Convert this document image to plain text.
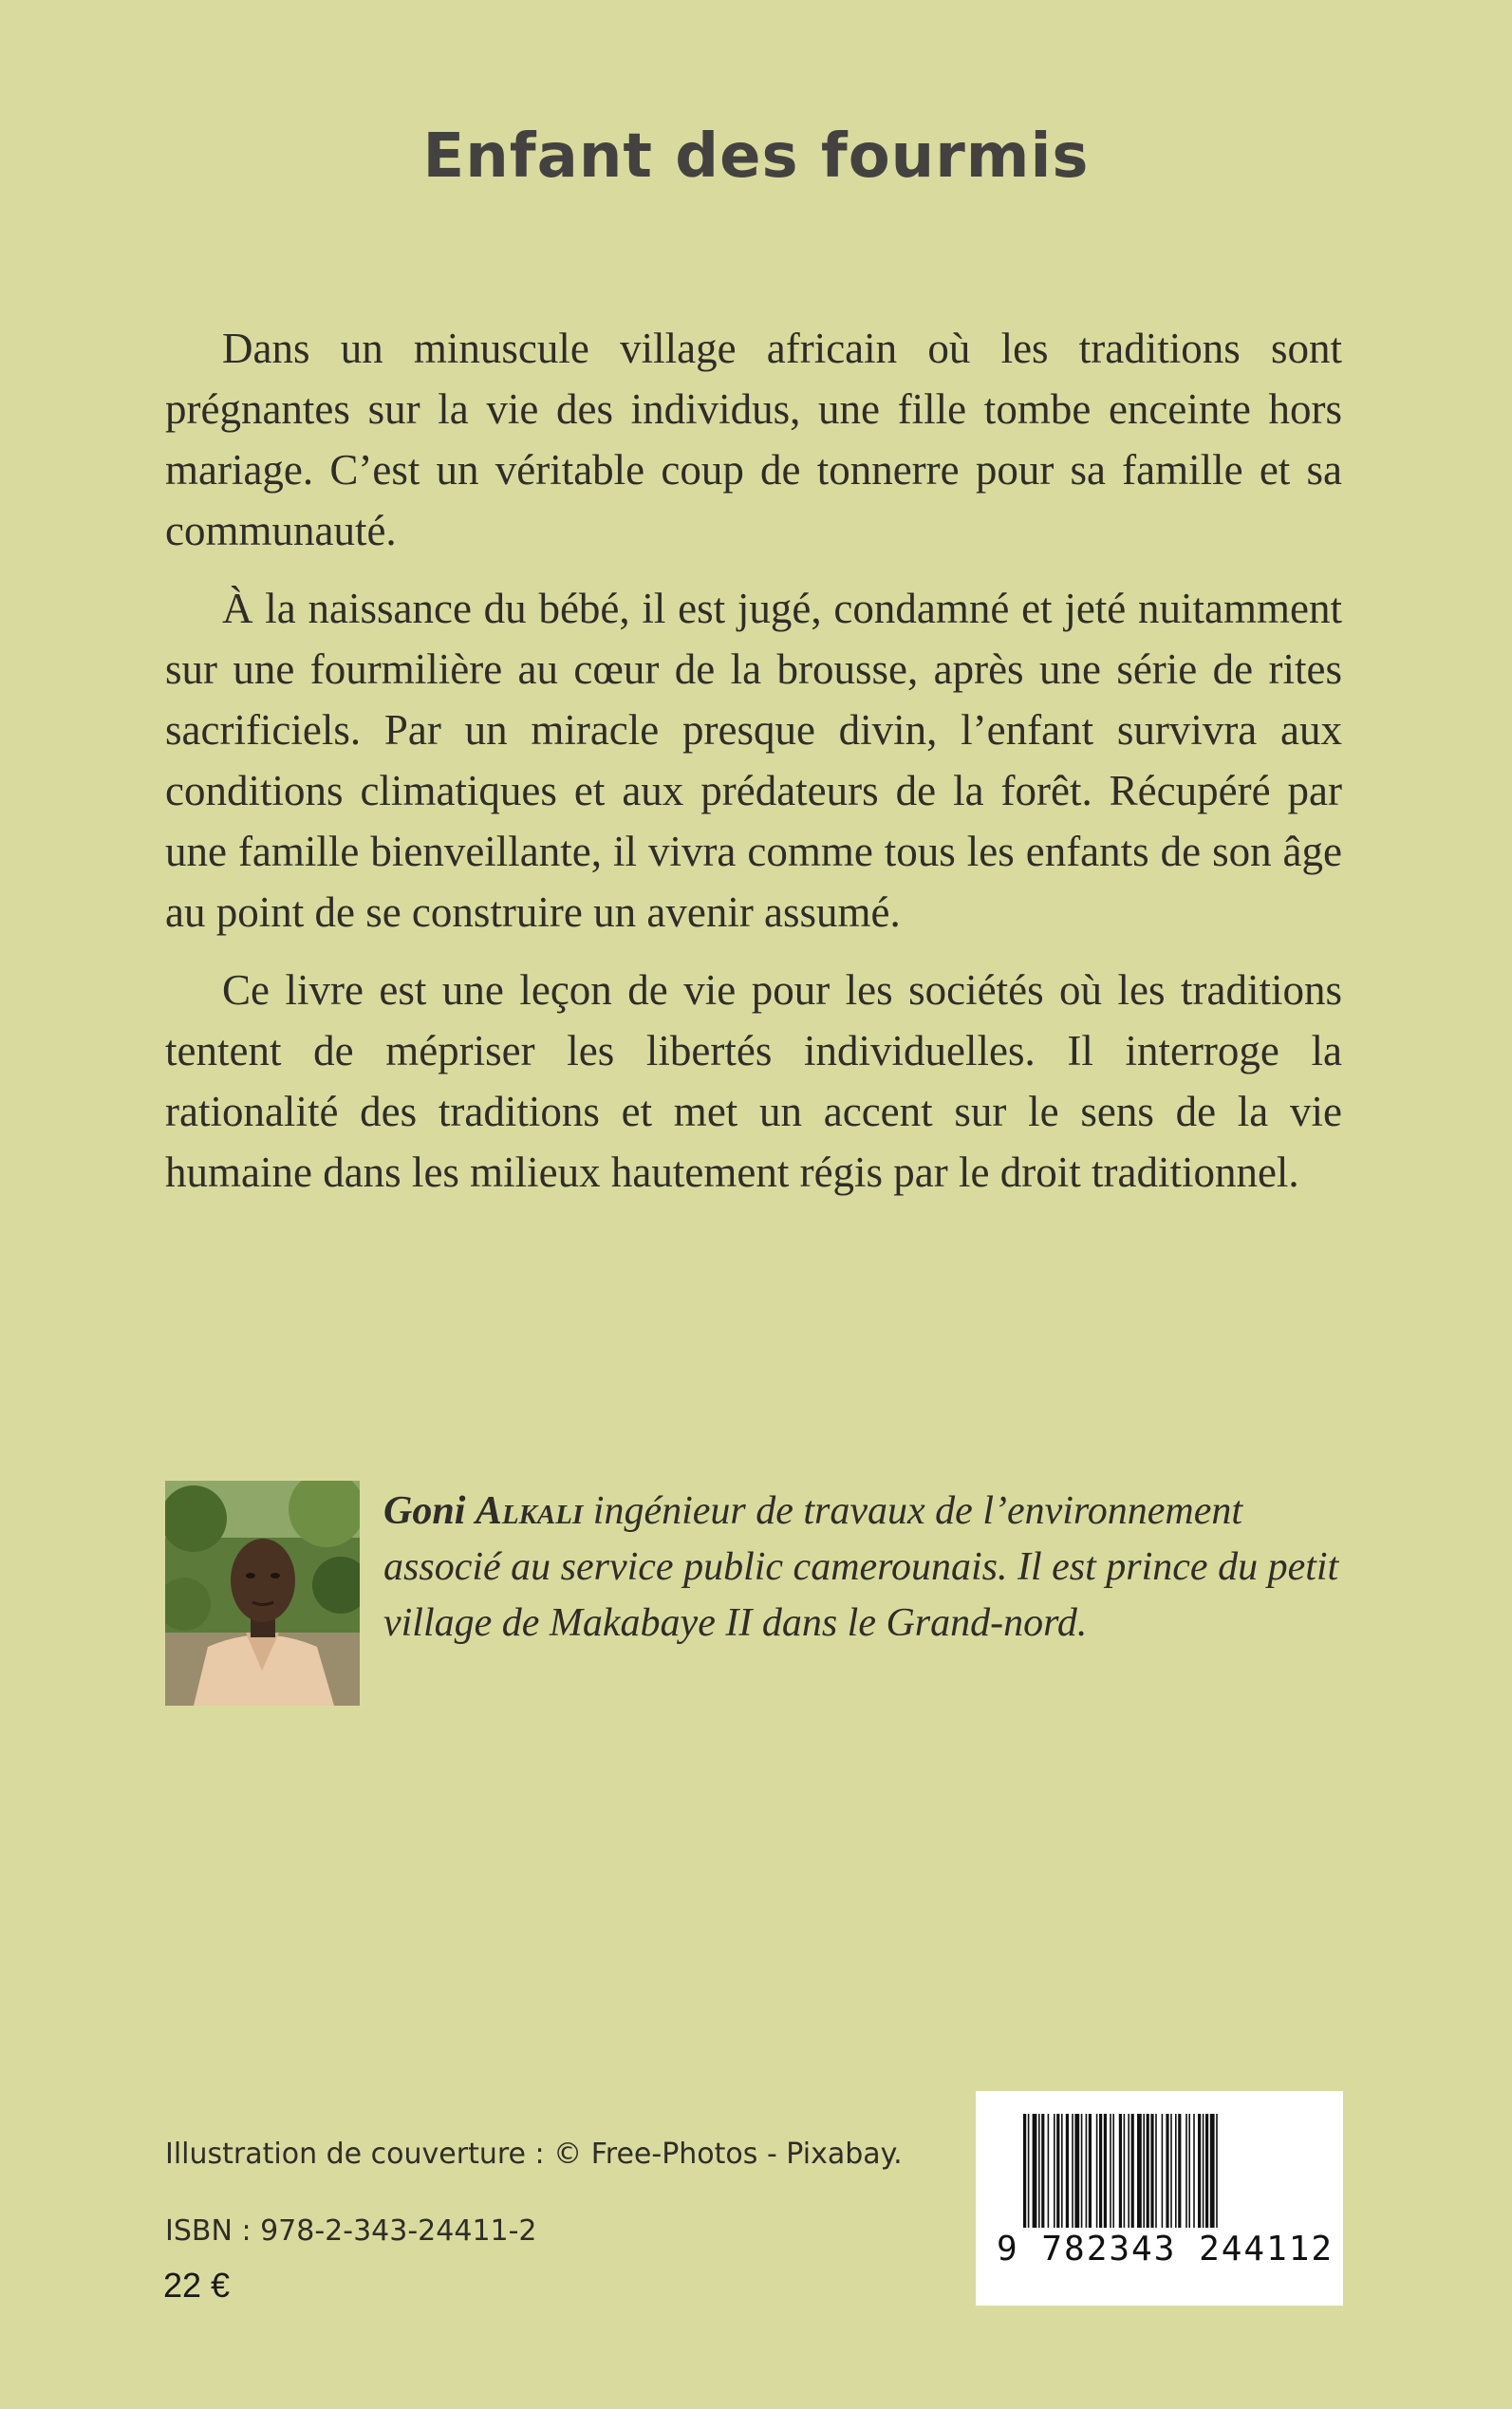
Enfant des fourmis

Dans un minuscule village africain où les traditions sont prégnantes sur la vie des individus, une fille tombe enceinte hors mariage. C’est un véritable coup de tonnerre pour sa famille et sa communauté.

À la naissance du bébé, il est jugé, condamné et jeté nuitamment sur une fourmilière au cœur de la brousse, après une série de rites sacrificiels. Par un miracle presque divin, l’enfant survivra aux conditions climatiques et aux prédateurs de la forêt. Récupéré par une famille bienveillante, il vivra comme tous les enfants de son âge au point de se construire un avenir assumé.

Ce livre est une leçon de vie pour les sociétés où les traditions tentent de mépriser les libertés individuelles. Il interroge la rationalité des traditions et met un accent sur le sens de la vie humaine dans les milieux hautement régis par le droit traditionnel.

Goni Alkali ingénieur de travaux de l’environnement associé au service public camerounais. Il est prince du petit village de Makabaye II dans le Grand-nord.
Illustration de couverture : © Free-Photos - Pixabay.
ISBN : 978-2-343-24411-2
22 €
9 782343 244112
